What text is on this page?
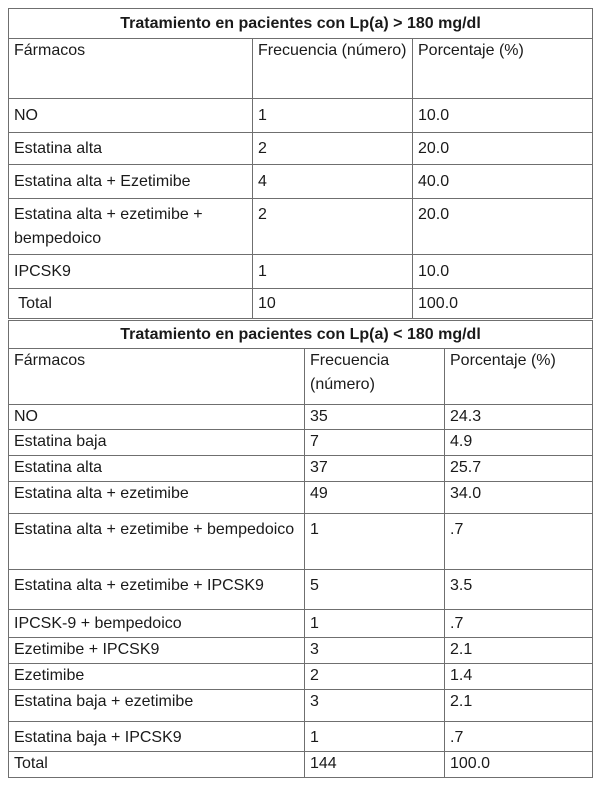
Tratamiento en pacientes con Lp(a) > 180 mg/dl		
Fármacos	Frecuencia (número)	Porcentaje (%)
NO	1	10.0
Estatina alta	2	20.0
Estatina alta + Ezetimibe	4	40.0
Estatina alta + ezetimibe + bempedoico	2	20.0
IPCSK9	1	10.0
Total	10	100.0
Tratamiento en pacientes con Lp(a) < 180 mg/dl		
Fármacos	Frecuencia (número)	Porcentaje (%)
NO	35	24.3
Estatina baja	7	4.9
Estatina alta	37	25.7
Estatina alta + ezetimibe	49	34.0
Estatina alta + ezetimibe + bempedoico	1	.7
Estatina alta + ezetimibe + IPCSK9	5	3.5
IPCSK-9 + bempedoico	1	.7
Ezetimibe + IPCSK9	3	2.1
Ezetimibe	2	1.4
Estatina baja + ezetimibe	3	2.1
Estatina baja + IPCSK9	1	.7
Total	144	100.0
